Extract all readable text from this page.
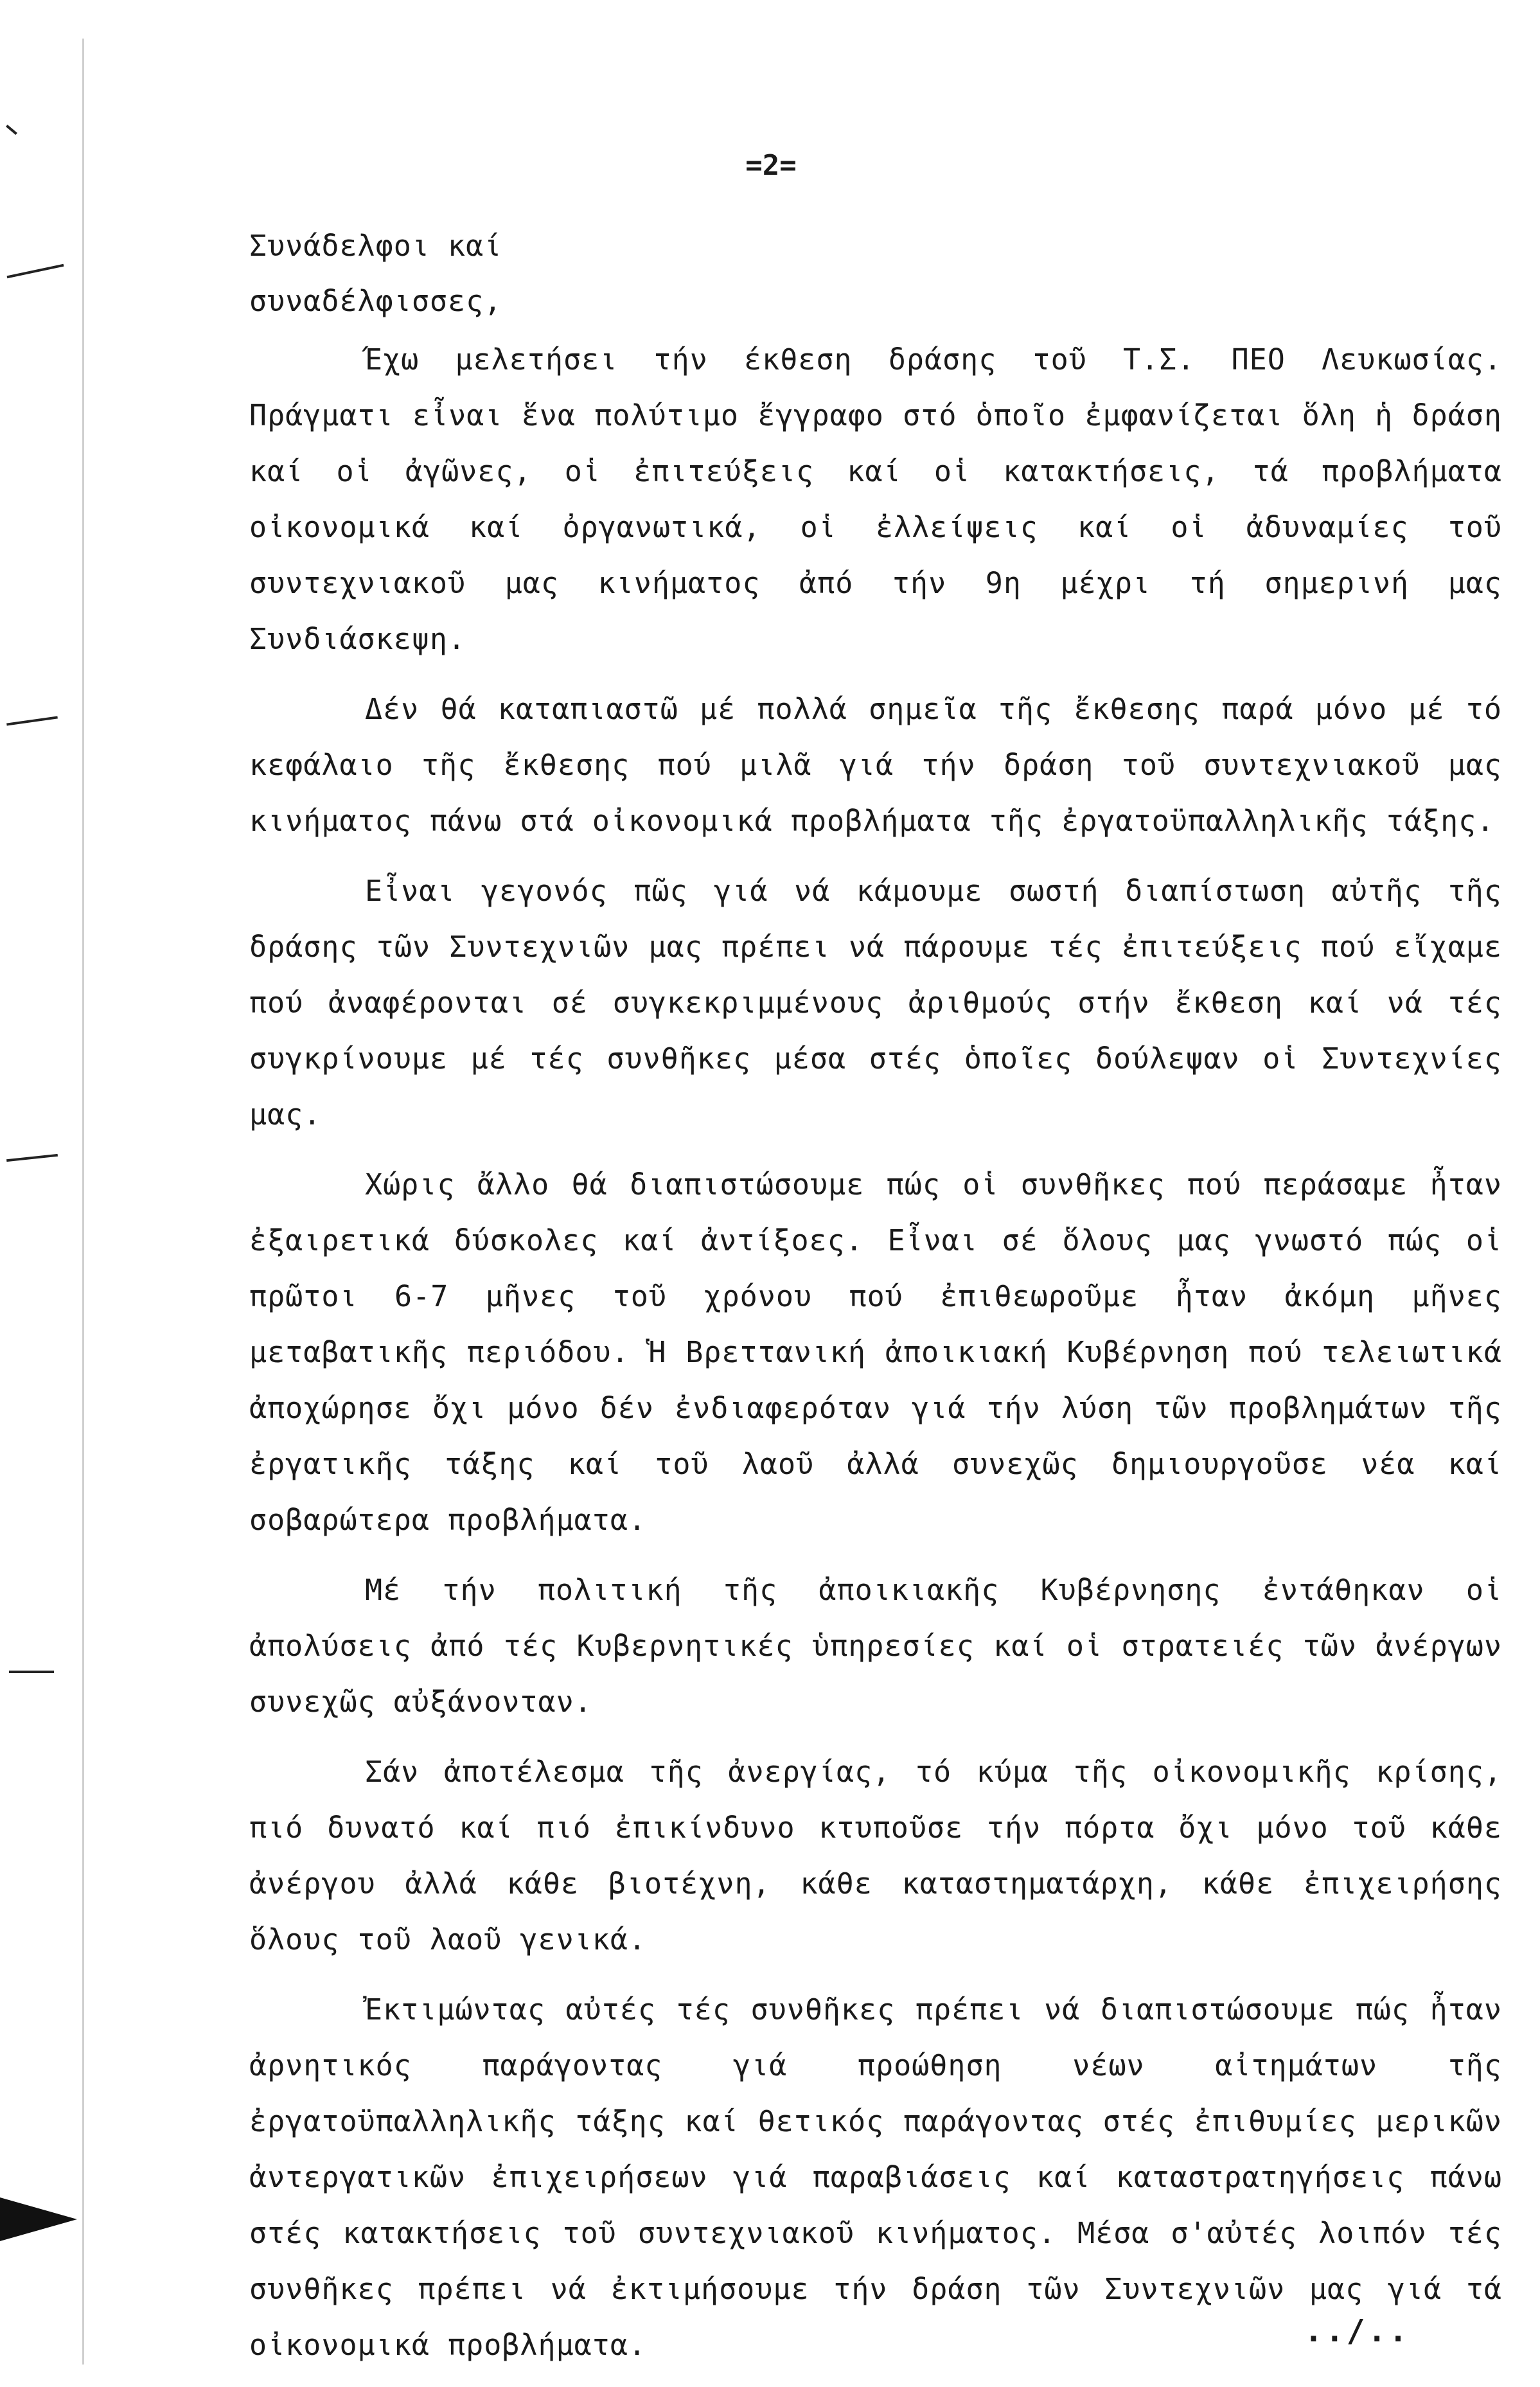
=2=
Συνάδελφοι καί
συναδέλφισσες,

Έχω μελετήσει τήν έκθεση δράσης τοῦ Τ.Σ. ΠΕΟ Λευκωσίας. Πράγματι εἶναι ἕνα πολύτιμο ἔγγραφο στό ὁποῖο ἐμφανίζεται ὅλη ἡ δράση καί οἱ ἀγῶνες, οἱ ἐπιτεύξεις καί οἱ κατακτήσεις, τά προβλήματα οἰκονομικά καί ὀργανωτικά, οἱ ἐλλείψεις καί οἱ ἀδυναμίες τοῦ συντεχνιακοῦ μας κινήματος ἀπό τήν 9η μέχρι τή σημερινή μας Συνδιάσκεψη.

Δέν θά καταπιαστῶ μέ πολλά σημεῖα τῆς ἔκθεσης παρά μόνο μέ τό κεφάλαιο τῆς ἔκθεσης πού μιλᾶ γιά τήν δράση τοῦ συντεχνιακοῦ μας κινήματος πάνω στά οἰκονομικά προβλήματα τῆς ἐργατοϋπαλληλικῆς τάξης.

Εἶναι γεγονός πῶς γιά νά κάμουμε σωστή διαπίστωση αὐτῆς τῆς δράσης τῶν Συντεχνιῶν μας πρέπει νά πάρουμε τές ἐπιτεύξεις πού εἴχαμε πού ἀναφέρονται σέ συγκεκριμμένους ἀριθμούς στήν ἔκθεση καί νά τές συγκρίνουμε μέ τές συνθῆκες μέσα στές ὁποῖες δούλεψαν οἱ Συντεχνίες μας.

Χώρις ἄλλο θά διαπιστώσουμε πώς οἱ συνθῆκες πού περάσαμε ἦταν ἐξαιρετικά δύσκολες καί ἀντίξοες. Εἶναι σέ ὅλους μας γνωστό πώς οἱ πρῶτοι 6-7 μῆνες τοῦ χρόνου πού ἐπιθεωροῦμε ἦταν ἀκόμη μῆνες μεταβατικῆς περιόδου. Ἡ Βρεττανική ἀποικιακή Κυβέρνηση πού τελειωτικά ἀποχώρησε ὄχι μόνο δέν ἐνδιαφερόταν γιά τήν λύση τῶν προβλημάτων τῆς ἐργατικῆς τάξης καί τοῦ λαοῦ ἀλλά συνεχῶς δημιουργοῦσε νέα καί σοβαρώτερα προβλήματα.

Μέ τήν πολιτική τῆς ἀποικιακῆς Κυβέρνησης ἐντάθηκαν οἱ ἀπολύσεις ἀπό τές Κυβερνητικές ὑπηρεσίες καί οἱ στρατειές τῶν ἀνέργων συνεχῶς αὐξάνονταν.

Σάν ἀποτέλεσμα τῆς ἀνεργίας, τό κύμα τῆς οἰκονομικῆς κρίσης, πιό δυνατό καί πιό ἐπικίνδυνο κτυποῦσε τήν πόρτα ὄχι μόνο τοῦ κάθε ἀνέργου ἀλλά κάθε βιοτέχνη, κάθε καταστηματάρχη, κάθε ἐπιχειρήσης ὅλους τοῦ λαοῦ γενικά.

Ἐκτιμώντας αὐτές τές συνθῆκες πρέπει νά διαπιστώσουμε πώς ἦταν ἀρνητικός παράγοντας γιά προώθηση νέων αἰτημάτων τῆς ἐργατοϋπαλληλικῆς τάξης καί θετικός παράγοντας στές ἐπιθυμίες μερικῶν ἀντεργατικῶν ἐπιχειρήσεων γιά παραβιάσεις καί καταστρατηγήσεις πάνω στές κατακτήσεις τοῦ συντεχνιακοῦ κινήματος. Μέσα σ'αὐτές λοιπόν τές συνθῆκες πρέπει νά ἐκτιμήσουμε τήν δράση τῶν Συντεχνιῶν μας γιά τά οἰκονομικά προβλήματα.	../..
